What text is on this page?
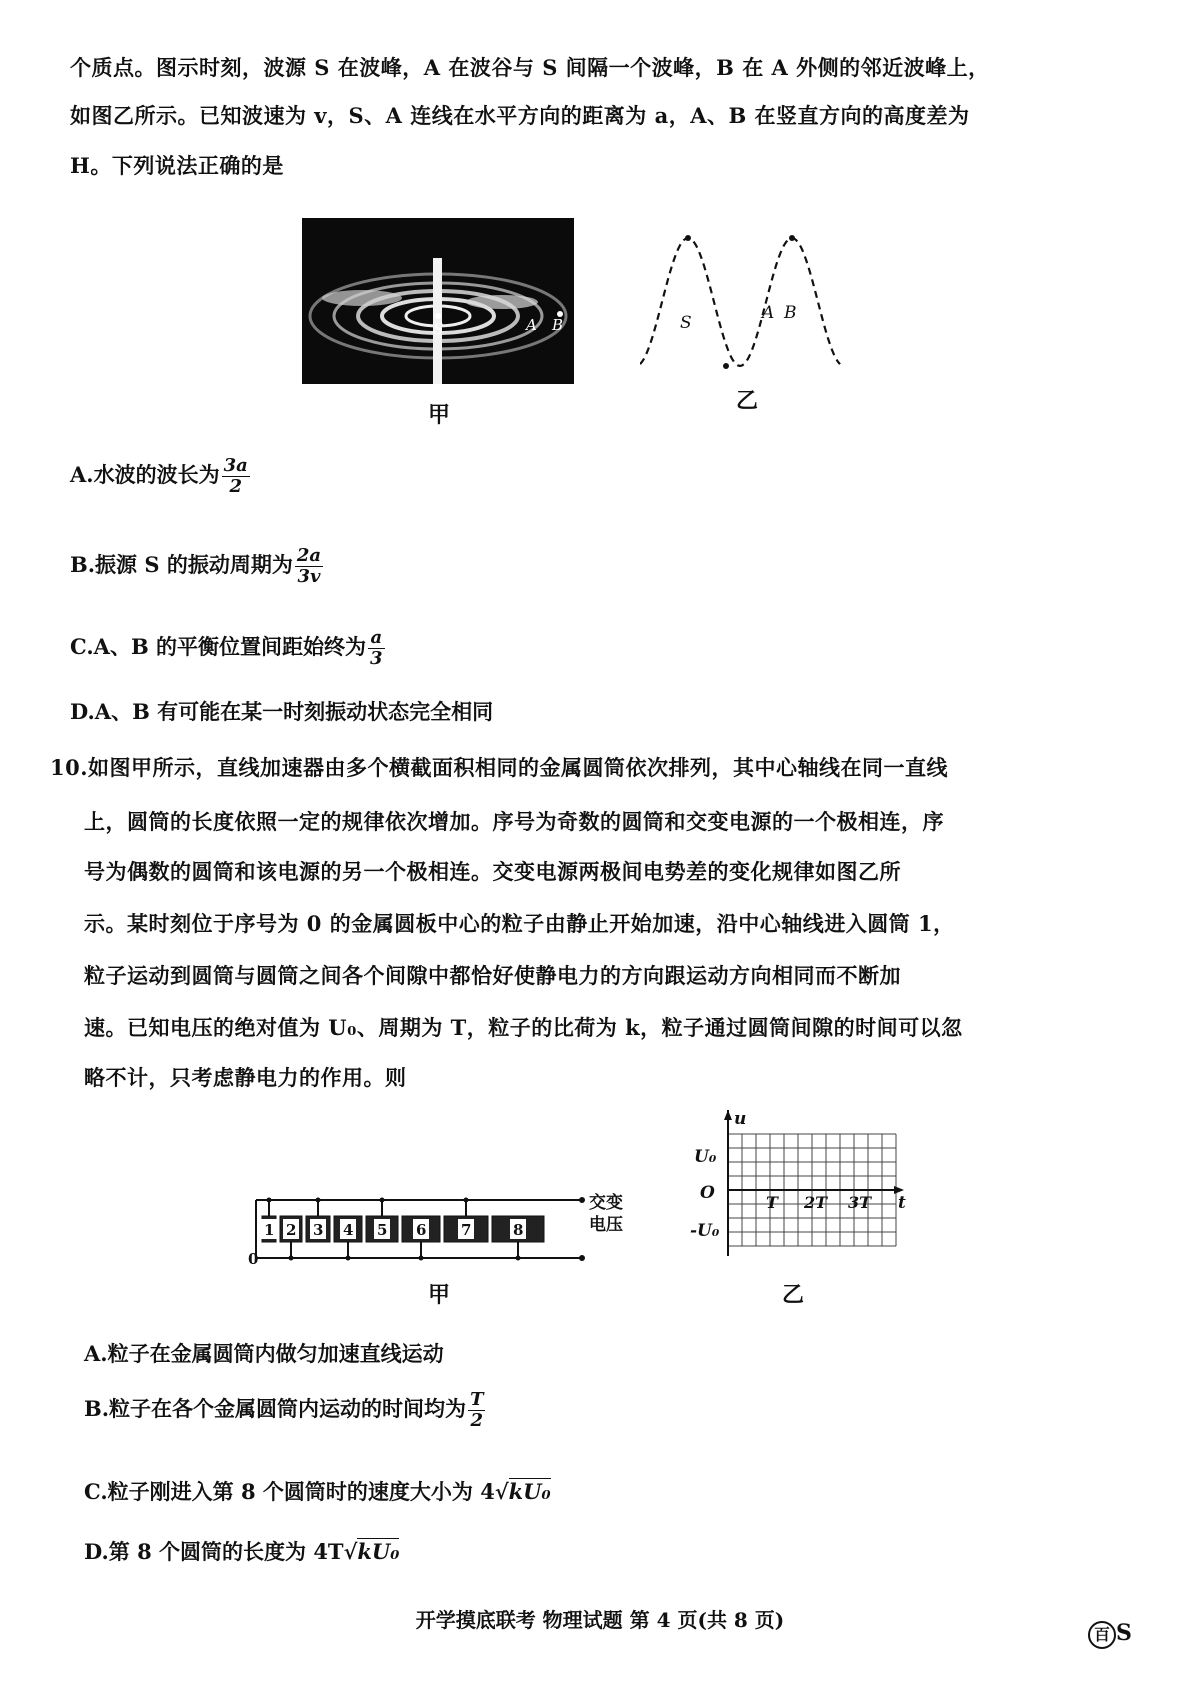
个质点。图示时刻，波源 S 在波峰，A 在波谷与 S 间隔一个波峰，B 在 A 外侧的邻近波峰上，
如图乙所示。已知波速为 v，S、A 连线在水平方向的距离为 a，A、B 在竖直方向的高度差为
H。下列说法正确的是
S	A B
甲
S	A B
乙
A.水波的波长为 $\frac{3a}{2}$
B.振源 S 的振动周期为 $\frac{2a}{3v}$
C.A、B 的平衡位置间距始终为 $\frac{a}{3}$
D.A、B 有可能在某一时刻振动状态完全相同
10.如图甲所示，直线加速器由多个横截面积相同的金属圆筒依次排列，其中心轴线在同一直线
上，圆筒的长度依照一定的规律依次增加。序号为奇数的圆筒和交变电源的一个极相连，序
号为偶数的圆筒和该电源的另一个极相连。交变电源两极间电势差的变化规律如图乙所
示。某时刻位于序号为 0 的金属圆板中心的粒子由静止开始加速，沿中心轴线进入圆筒 1，
粒子运动到圆筒与圆筒之间各个间隙中都恰好使静电力的方向跟运动方向相同而不断加
速。已知电压的绝对值为 U₀、周期为 T，粒子的比荷为 k，粒子通过圆筒间隙的时间可以忽
略不计，只考虑静电力的作用。则
1 2 3 4 5 6 7	8
0
交变
电压
甲
u
t
U₀
O
-U₀
T 2T 3T
乙
A.粒子在金属圆筒内做匀加速直线运动
B.粒子在各个金属圆筒内运动的时间均为 $\frac{T}{2}$
C.粒子刚进入第 8 个圆筒时的速度大小为 4√kU₀
D.第 8 个圆筒的长度为 4T√kU₀
开学摸底联考 物理试题 第 4 页(共 8 页)
百 S
